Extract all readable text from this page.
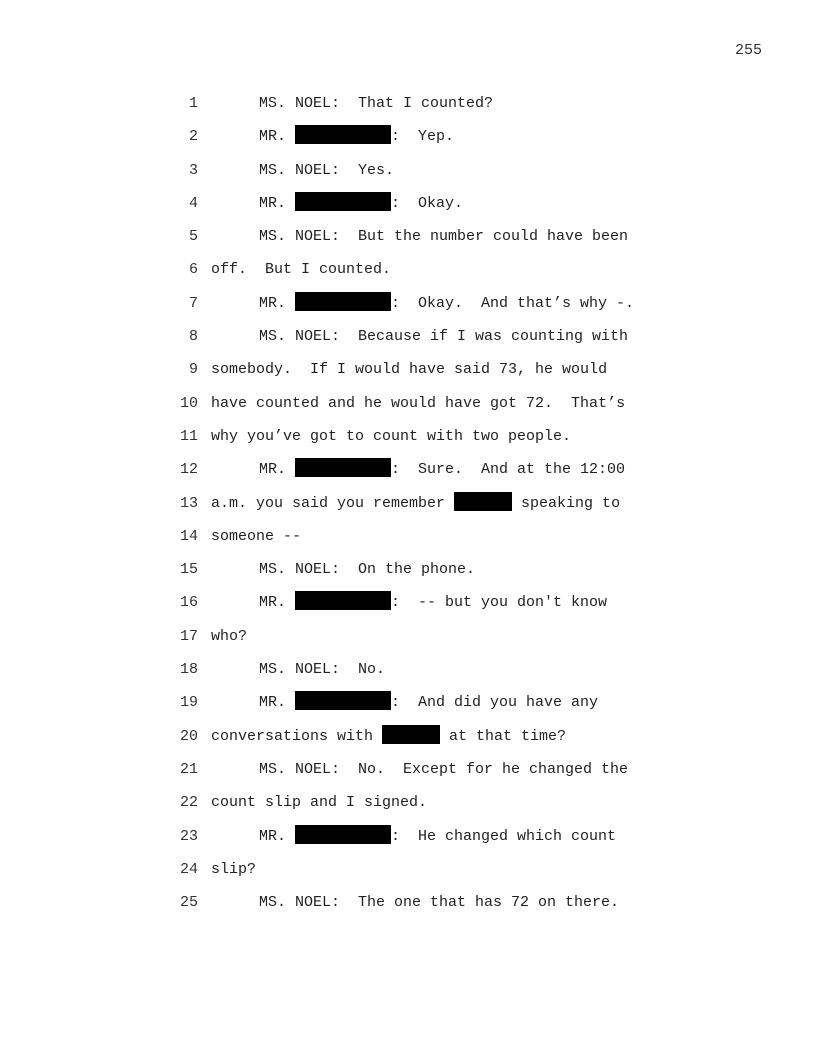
255
1	MS. NOEL:  That I counted?
2	MR.	:  Yep.
3	MS. NOEL:  Yes.
4	MR.	:  Okay.
5	MS. NOEL:  But the number could have been
6 off.  But I counted.
7	MR.	:  Okay.  And that’s why -.
8	MS. NOEL:  Because if I was counting with
9 somebody.  If I would have said 73, he would
10 have counted and he would have got 72.  That’s
11 why you’ve got to count with two people.
12	MR.	:  Sure.  And at the 12:00
13 a.m. you said you remember	speaking to
14 someone --
15	MS. NOEL:  On the phone.
16	MR.	:  -- but you don't know
17 who?
18	MS. NOEL:  No.
19	MR.	:  And did you have any
20 conversations with	at that time?
21	MS. NOEL:  No.  Except for he changed the
22 count slip and I signed.
23	MR.	:  He changed which count
24 slip?
25	MS. NOEL:  The one that has 72 on there.
